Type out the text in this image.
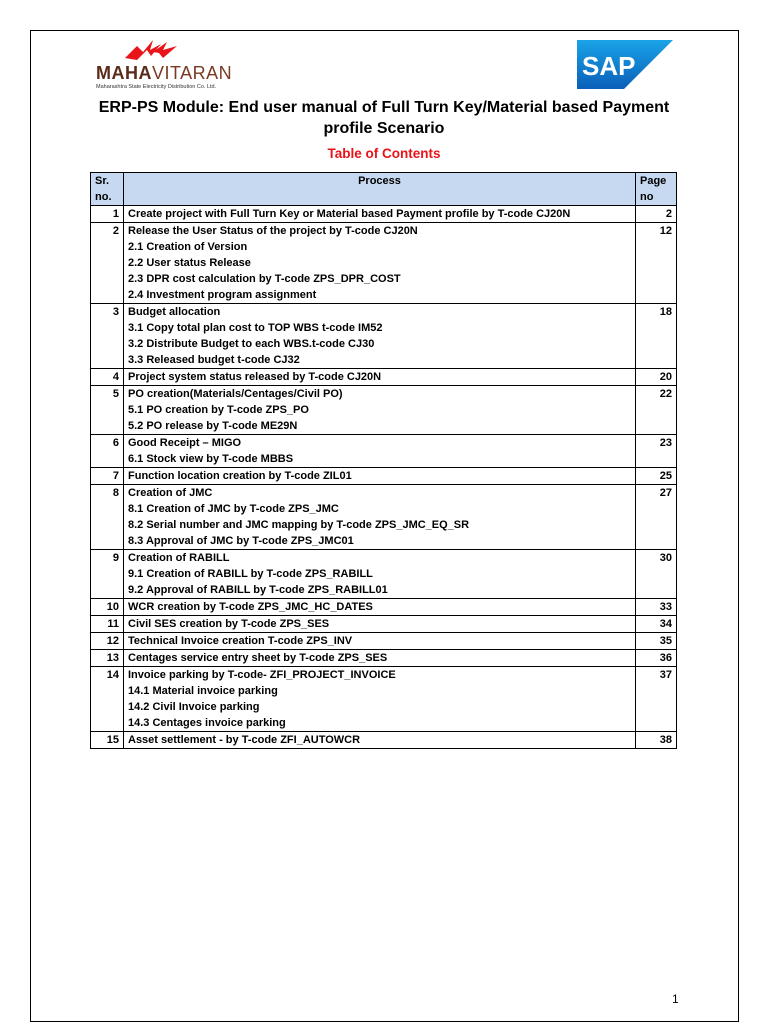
MAHAVITARAN
Maharashtra State Electricity Distribution Co. Ltd.
SAP
ERP-PS Module: End user manual of Full Turn Key/Material based Payment
profile Scenario
Table of Contents
Sr.
no.	Process	Page
no

1	Create project with Full Turn Key or Material based Payment profile by T-code CJ20N	2
2	Release the User Status of the project by T-code CJ20N
2.1 Creation of Version
2.2 User status Release
2.3 DPR cost calculation by T-code ZPS_DPR_COST
2.4 Investment program assignment	12
3	Budget allocation
3.1 Copy total plan cost to TOP WBS t-code IM52
3.2 Distribute Budget to each WBS.t-code CJ30
3.3 Released budget t-code CJ32	18
4	Project system status released by T-code CJ20N	20
5	PO creation(Materials/Centages/Civil PO)
5.1 PO creation by T-code ZPS_PO
5.2 PO release by T-code ME29N	22
6	Good Receipt – MIGO
6.1 Stock view by T-code MBBS	23
7	Function location creation by T-code ZIL01	25
8	Creation of JMC
8.1 Creation of JMC by T-code ZPS_JMC
8.2 Serial number and JMC mapping by T-code ZPS_JMC_EQ_SR
8.3 Approval of JMC by T-code ZPS_JMC01	27
9	Creation of RABILL
9.1 Creation of RABILL by T-code ZPS_RABILL
9.2 Approval of RABILL by T-code ZPS_RABILL01	30
10	WCR creation by T-code ZPS_JMC_HC_DATES	33
11	Civil SES creation by T-code ZPS_SES	34
12	Technical Invoice creation T-code ZPS_INV	35
13	Centages service entry sheet by T-code ZPS_SES	36
14	Invoice parking by T-code- ZFI_PROJECT_INVOICE
14.1 Material invoice parking
14.2 Civil Invoice parking
14.3 Centages invoice parking	37
15	Asset settlement - by T-code ZFI_AUTOWCR	38
1
